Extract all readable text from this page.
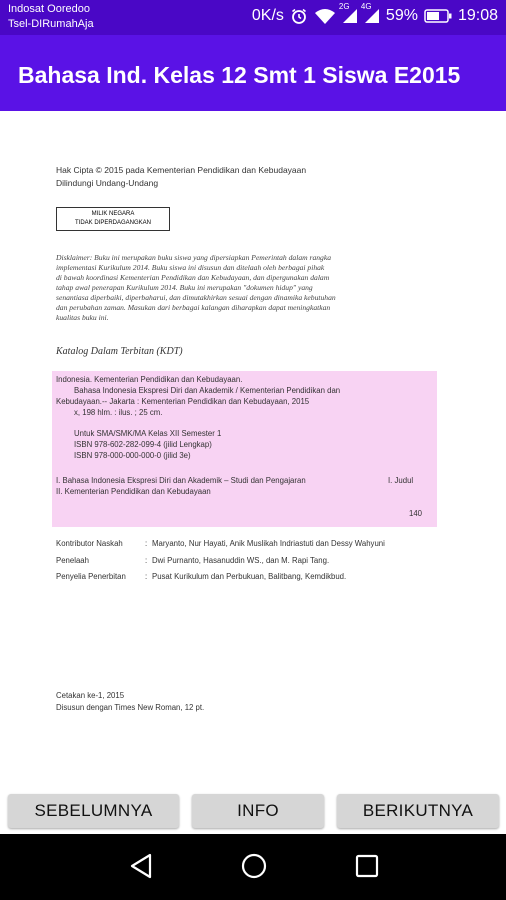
Indosat Ooredoo
Tsel-DIRumahAja	0K/s
2G 4G
59%	19:08
Bahasa Ind. Kelas 12 Smt 1 Siswa E2015
Hak Cipta © 2015 pada Kementerian Pendidikan dan Kebudayaan
Dilindungi Undang-Undang
MILIK NEGARA
TIDAK DIPERDAGANGKAN
Disklaimer: Buku ini merupakan buku siswa yang dipersiapkan Pemerintah dalam rangka
implementasi Kurikulum 2014. Buku siswa ini disusun dan ditelaah oleh berbagai pihak
di bawah koordinasi Kementerian Pendidikan dan Kebudayaan, dan dipergunakan dalam
tahap awal penerapan Kurikulum 2014. Buku ini merupakan "dokumen hidup" yang
senantiasa diperbaiki, diperbaharui, dan dimutakhirkan sesuai dengan dinamika kebutuhan
dan perubahan zaman. Masukan dari berbagai kalangan diharapkan dapat meningkatkan
kualitas buku ini.
Katalog Dalam Terbitan (KDT)
Indonesia. Kementerian Pendidikan dan Kebudayaan.
Bahasa Indonesia Ekspresi Diri dan Akademik / Kementerian Pendidikan dan
Kebudayaan.-- Jakarta : Kementerian Pendidikan dan Kebudayaan, 2015
x, 198 hlm. : ilus. ; 25 cm.
Untuk SMA/SMK/MA Kelas XII Semester 1
ISBN 978-602-282-099-4 (jilid Lengkap)
ISBN 978-000-000-000-0 (jilid 3e)
I. Bahasa Indonesia Ekspresi Diri dan Akademik – Studi dan Pengajaran	I. Judul
II. Kementerian Pendidikan dan Kebudayaan
140
Kontributor Naskah	: Maryanto, Nur Hayati, Anik Muslikah Indriastuti dan Dessy Wahyuni
Penelaah	: Dwi Purnanto, Hasanuddin WS., dan M. Rapi Tang.
Penyelia Penerbitan : Pusat Kurikulum dan Perbukuan, Balitbang, Kemdikbud.
Cetakan ke-1, 2015
Disusun dengan Times New Roman, 12 pt.
SEBELUMNYA	INFO	BERIKUTNYA
